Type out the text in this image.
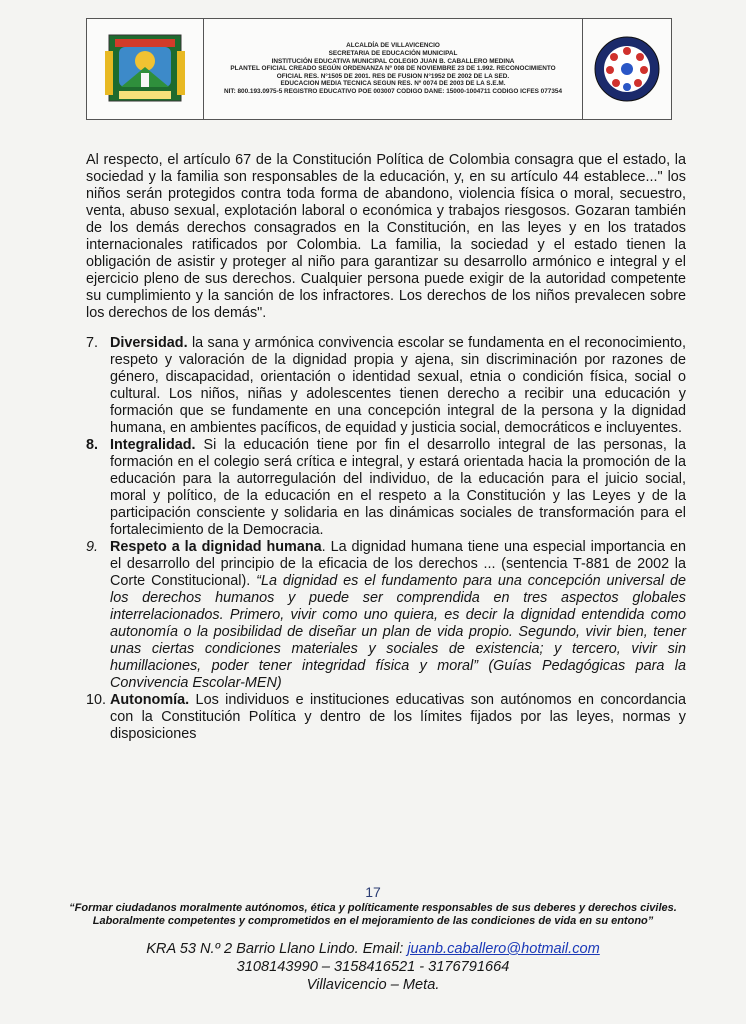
ALCALDÍA DE VILLAVICENCIO
SECRETARIA DE EDUCACIÓN MUNICIPAL
INSTITUCIÓN EDUCATIVA MUNICIPAL COLEGIO JUAN B. CABALLERO MEDINA
PLANTEL OFICIAL CREADO SEGÚN ORDENANZA Nº 008 DE NOVIEMBRE 23 DE 1.992. RECONOCIMIENTO
OFICIAL RES. N°1505 DE 2001. RES DE FUSION N°1952 DE 2002 DE LA SED.
EDUCACION MEDIA TECNICA SEGUN RES. Nº 0074 DE 2003 DE LA S.E.M.
NIT: 800.193.0975-5 REGISTRO EDUCATIVO POE 003007 CODIGO DANE: 15000-1004711 CODIGO ICFES 077354

Al respecto, el artículo 67 de la Constitución Política de Colombia consagra que el estado, la sociedad y la familia son responsables de la educación, y, en su artículo 44 establece..." los niños serán protegidos contra toda forma de abandono, violencia física o moral, secuestro, venta, abuso sexual, explotación laboral o económica y trabajos riesgosos. Gozaran también de los demás derechos consagrados en la Constitución, en las leyes y en los tratados internacionales ratificados por Colombia. La familia, la sociedad y el estado tienen la obligación de asistir y proteger al niño para garantizar su desarrollo armónico e integral y el ejercicio pleno de sus derechos. Cualquier persona puede exigir de la autoridad competente su cumplimiento y la sanción de los infractores. Los derechos de los niños prevalecen sobre los derechos de los demás".

7. Diversidad. la sana y armónica convivencia escolar se fundamenta en el reconocimiento, respeto y valoración de la dignidad propia y ajena, sin discriminación por razones de género, discapacidad, orientación o identidad sexual, etnia o condición física, social o cultural. Los niños, niñas y adolescentes tienen derecho a recibir una educación y formación que se fundamente en una concepción integral de la persona y la dignidad humana, en ambientes pacíficos, de equidad y justicia social, democráticos e incluyentes.
8. Integralidad. Si la educación tiene por fin el desarrollo integral de las personas, la formación en el colegio será crítica e integral, y estará orientada hacia la promoción de la educación para la autorregulación del individuo, de la educación para el juicio social, moral y político, de la educación en el respeto a la Constitución y las Leyes y de la participación consciente y solidaria en las dinámicas sociales de transformación para el fortalecimiento de la Democracia.
9. Respeto a la dignidad humana. La dignidad humana tiene una especial importancia en el desarrollo del principio de la eficacia de los derechos ... (sentencia T-881 de 2002 la Corte Constitucional). “La dignidad es el fundamento para una concepción universal de los derechos humanos y puede ser comprendida en tres aspectos globales interrelacionados. Primero, vivir como uno quiera, es decir la dignidad entendida como autonomía o la posibilidad de diseñar un plan de vida propio. Segundo, vivir bien, tener unas ciertas condiciones materiales y sociales de existencia; y tercero, vivir sin humillaciones, poder tener integridad física y moral” (Guías Pedagógicas para la Convivencia Escolar-MEN)
10. Autonomía. Los individuos e instituciones educativas son autónomos en concordancia con la Constitución Política y dentro de los límites fijados por las leyes, normas y disposiciones
17
“Formar ciudadanos moralmente autónomos, ética y políticamente responsables de sus deberes y derechos civiles. Laboralmente competentes y comprometidos en el mejoramiento de las condiciones de vida en su entono”
KRA 53 N.º 2 Barrio Llano Lindo. Email: juanb.caballero@hotmail.com
3108143990 – 3158416521 - 3176791664
Villavicencio – Meta.
